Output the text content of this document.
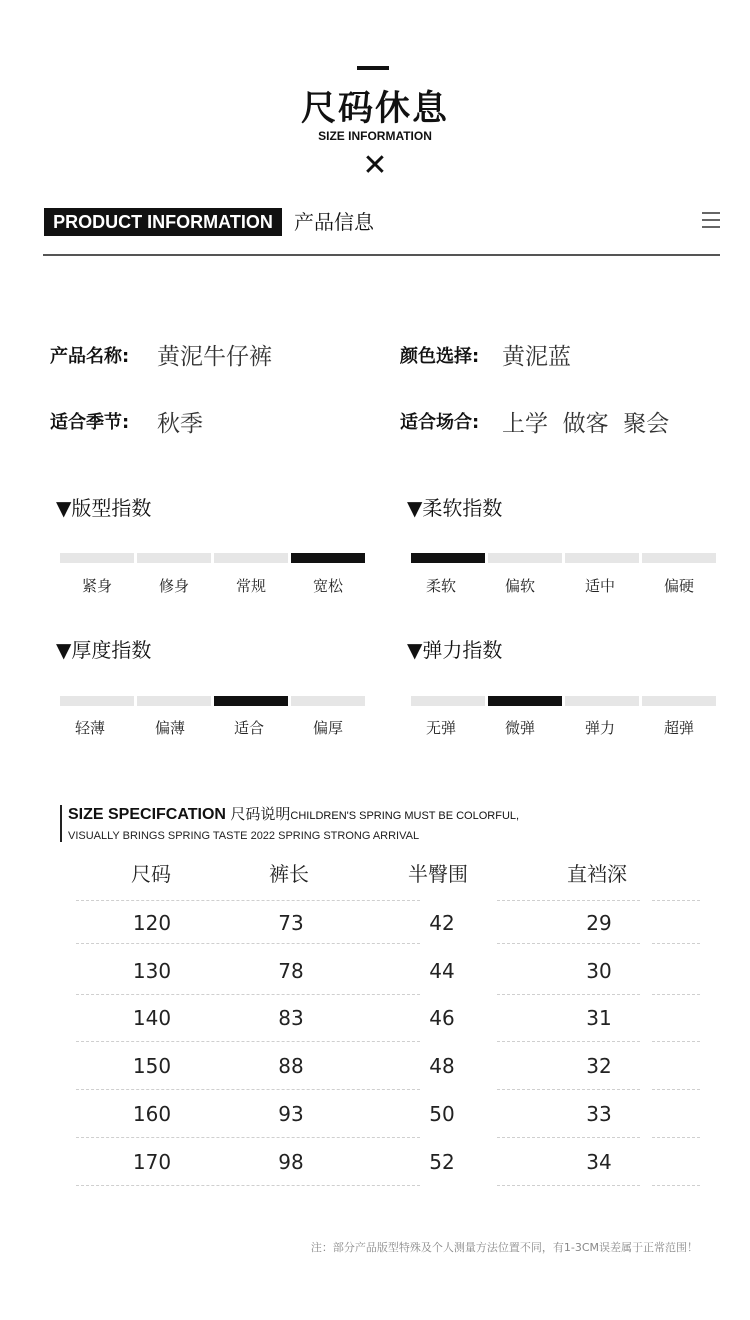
尺码休息
SIZE INFORMATION
✕
PRODUCT INFORMATION	产品信息
产品名称: 黄泥牛仔裤	颜色选择: 黄泥蓝
适合季节: 秋季	适合场合: 上学  做客  聚会
▼版型指数
紧身	修身	常规	宽松
▼柔软指数
柔软	偏软	适中	偏硬
▼厚度指数
轻薄	偏薄	适合	偏厚
▼弹力指数
无弹	微弹	弹力	超弹
SIZE SPECIFCATION 尺码说明CHILDREN'S SPRING MUST BE COLORFUL,
VISUALLY BRINGS SPRING TASTE 2022 SPRING STRONG ARRIVAL
尺码	裤长	半臀围	直裆深
120	73	42	29
130	78	44	30
140	83	46	31
150	88	48	32
160	93	50	33
170	98	52	34
注：部分产品版型特殊及个人测量方法位置不同，有1-3CM误差属于正常范围！
